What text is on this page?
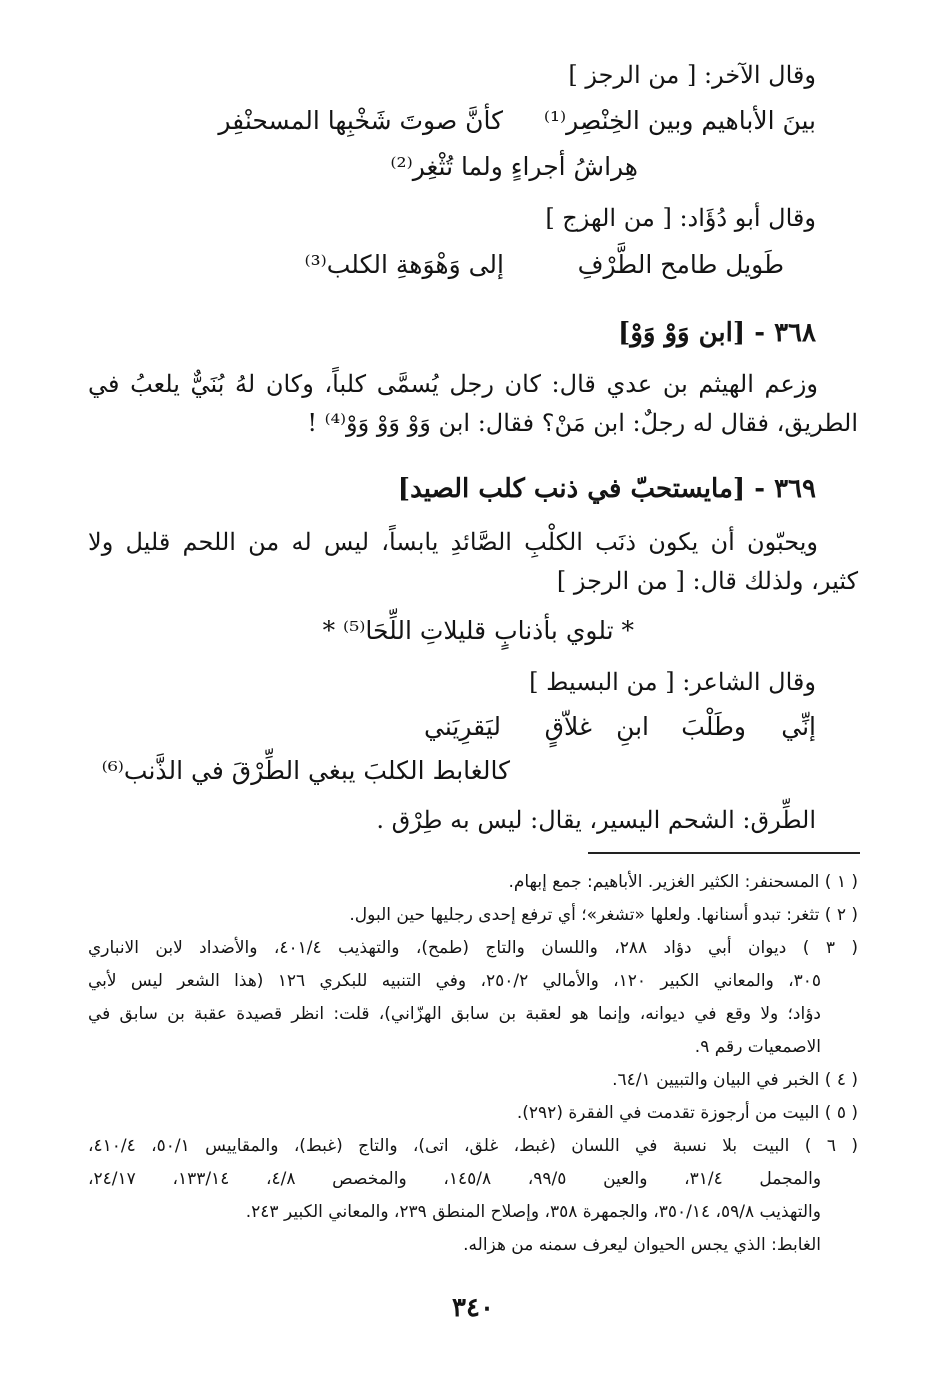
وقال الآخر: [ من الرجز ]
كأنَّ صوتَ شَخْبِها المسحنْفِر بينَ الأباهيم وبين الخِنْصِر⁽¹⁾
هِراشُ أجراءٍ ولما تُثْغِر⁽²⁾
وقال أبو دُؤَاد: [ من الهزج ]
طَويل طامح الطَّرْفِ
إلى وَهْوَهةِ الكلب⁽³⁾
٣٦٨ - [ابن وَوْ وَوْ]
وزعم الهيثم بن عدي قال: كان رجل يُسمَّى كلباً، وكان لهُ بُنَيٌّ يلعبُ في
الطريق، فقال له رجلٌ: ابن مَنْ؟ فقال: ابن وَوْ وَوْ وَوْ⁽⁴⁾ !
٣٦٩ - [مايستحبّ في ذنب كلب الصيد]
ويحبّون أن يكون ذنَب الكلْبِ الصَّائدِ يابساً، ليس له من اللحم قليل ولا
كثير، ولذلك قال: [ من الرجز ]
* تلوي بأذنابٍ قليلاتِ اللِّحَا⁽⁵⁾ *
وقال الشاعر: [ من البسيط ]
إنِّي
وطَلْبَ
ابنِ
غلاّقٍ
ليَقرِيَني
كالغابط الكلبَ يبغي الطِّرْقَ في الذَّنب⁽⁶⁾
الطِّرق: الشحم اليسير، يقال: ليس به طِرْق .
( ١ ) المسحنفر: الكثير الغزير. الأباهيم: جمع إبهام.
( ٢ ) تثغر: تبدو أسنانها. ولعلها «تشغر»؛ أي ترفع إحدى رجليها حين البول.
( ٣ ) ديوان أبي دؤاد ٢٨٨، واللسان والتاج (طمح)، والتهذيب ٤٠١/٤، والأضداد لابن الانباري
٣٠٥، والمعاني الكبير ١٢٠، والأمالي ٢٥٠/٢، وفي التنبيه للبكري ١٢٦ (هذا الشعر ليس لأبي
دؤاد؛ ولا وقع في ديوانه، وإنما هو لعقبة بن سابق الهزّاني)، قلت: انظر قصيدة عقبة بن سابق في
الاصمعيات رقم ٩.
( ٤ ) الخبر في البيان والتبيين ٦٤/١.
( ٥ ) البيت من أرجوزة تقدمت في الفقرة (٢٩٢).
( ٦ ) البيت بلا نسبة في اللسان (غبط، غلق، اتى)، والتاج (غبط)، والمقاييس ٥٠/١، ٤١٠/٤،
والمجمل ٣١/٤، والعين ٩٩/٥، ١٤٥/٨، والمخصص ٤/٨، ١٣٣/١٤، ٢٤/١٧،
والتهذيب ٥٩/٨، ٣٥٠/١٤، والجمهرة ٣٥٨، وإصلاح المنطق ٢٣٩، والمعاني الكبير ٢٤٣.
الغابط: الذي يجس الحيوان ليعرف سمنه من هزاله.
٣٤٠
